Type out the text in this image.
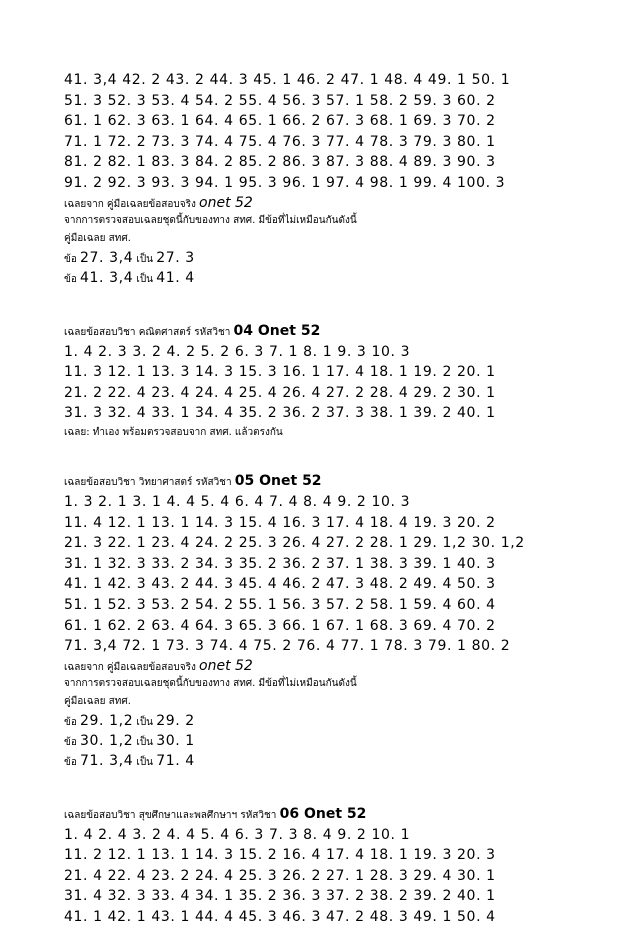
41. 3,4 42. 2 43. 2 44. 3 45. 1 46. 2 47. 1 48. 4 49. 1 50. 1
51. 3 52. 3 53. 4 54. 2 55. 4 56. 3 57. 1 58. 2 59. 3 60. 2
61. 1 62. 3 63. 1 64. 4 65. 1 66. 2 67. 3 68. 1 69. 3 70. 2
71. 1 72. 2 73. 3 74. 4 75. 4 76. 3 77. 4 78. 3 79. 3 80. 1
81. 2 82. 1 83. 3 84. 2 85. 2 86. 3 87. 3 88. 4 89. 3 90. 3
91. 2 92. 3 93. 3 94. 1 95. 3 96. 1 97. 4 98. 1 99. 4 100. 3
เฉลยจาก คู่มือเฉลยข้อสอบจริง onet 52
จากการตรวจสอบเฉลยชุดนี้กับของทาง สทศ. มีข้อที่ไม่เหมือนกันดังนี้
คู่มือเฉลย สทศ.
ข้อ 27. 3,4 เป็น 27. 3
ข้อ 41. 3,4 เป็น 41. 4
เฉลยข้อสอบวิชา คณิตศาสตร์ รหัสวิชา 04 Onet 52
1. 4 2. 3 3. 2 4. 2 5. 2 6. 3 7. 1 8. 1 9. 3 10. 3
11. 3 12. 1 13. 3 14. 3 15. 3 16. 1 17. 4 18. 1 19. 2 20. 1
21. 2 22. 4 23. 4 24. 4 25. 4 26. 4 27. 2 28. 4 29. 2 30. 1
31. 3 32. 4 33. 1 34. 4 35. 2 36. 2 37. 3 38. 1 39. 2 40. 1
เฉลย: ทำเอง พร้อมตรวจสอบจาก สทศ. แล้วตรงกัน
เฉลยข้อสอบวิชา วิทยาศาสตร์ รหัสวิชา 05 Onet 52
1. 3 2. 1 3. 1 4. 4 5. 4 6. 4 7. 4 8. 4 9. 2 10. 3
11. 4 12. 1 13. 1 14. 3 15. 4 16. 3 17. 4 18. 4 19. 3 20. 2
21. 3 22. 1 23. 4 24. 2 25. 3 26. 4 27. 2 28. 1 29. 1,2 30. 1,2
31. 1 32. 3 33. 2 34. 3 35. 2 36. 2 37. 1 38. 3 39. 1 40. 3
41. 1 42. 3 43. 2 44. 3 45. 4 46. 2 47. 3 48. 2 49. 4 50. 3
51. 1 52. 3 53. 2 54. 2 55. 1 56. 3 57. 2 58. 1 59. 4 60. 4
61. 1 62. 2 63. 4 64. 3 65. 3 66. 1 67. 1 68. 3 69. 4 70. 2
71. 3,4 72. 1 73. 3 74. 4 75. 2 76. 4 77. 1 78. 3 79. 1 80. 2
เฉลยจาก คู่มือเฉลยข้อสอบจริง onet 52
จากการตรวจสอบเฉลยชุดนี้กับของทาง สทศ. มีข้อที่ไม่เหมือนกันดังนี้
คู่มือเฉลย สทศ.
ข้อ 29. 1,2 เป็น 29. 2
ข้อ 30. 1,2 เป็น 30. 1
ข้อ 71. 3,4 เป็น 71. 4
เฉลยข้อสอบวิชา สุขศึกษาและพลศึกษาฯ รหัสวิชา 06 Onet 52
1. 4 2. 4 3. 2 4. 4 5. 4 6. 3 7. 3 8. 4 9. 2 10. 1
11. 2 12. 1 13. 1 14. 3 15. 2 16. 4 17. 4 18. 1 19. 3 20. 3
21. 4 22. 4 23. 2 24. 4 25. 3 26. 2 27. 1 28. 3 29. 4 30. 1
31. 4 32. 3 33. 4 34. 1 35. 2 36. 3 37. 2 38. 2 39. 2 40. 1
41. 1 42. 1 43. 1 44. 4 45. 3 46. 3 47. 2 48. 3 49. 1 50. 4
